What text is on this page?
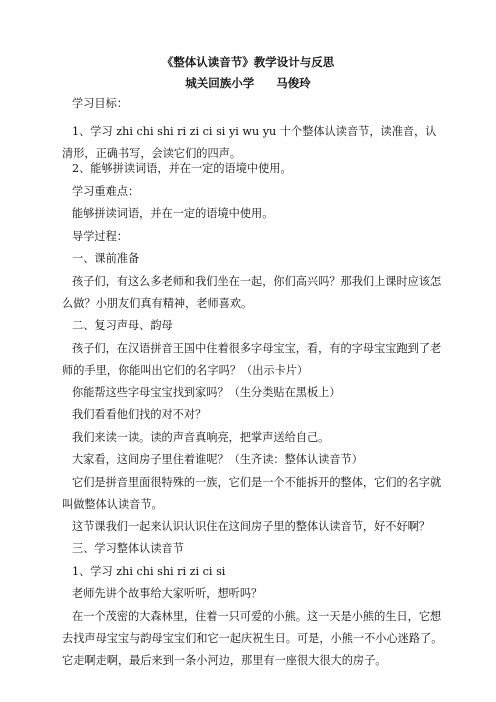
《整体认读音节》教学设计与反思
城关回族小学 马俊玲
学习目标：
1、学习 zhi chi shi ri zi ci si yi wu yu 十个整体认读音节，读准音，认清形，正确书写，会读它们的四声。
2、能够拼读词语，并在一定的语境中使用。
学习重难点：
能够拼读词语，并在一定的语境中使用。
导学过程：
一、课前准备
孩子们，有这么多老师和我们坐在一起，你们高兴吗？那我们上课时应该怎么做？小朋友们真有精神，老师喜欢。
二、复习声母、韵母
孩子们，在汉语拼音王国中住着很多字母宝宝，看，有的字母宝宝跑到了老师的手里，你能叫出它们的名字吗？（出示卡片）
你能帮这些字母宝宝找到家吗？（生分类贴在黑板上）
我们看看他们找的对不对？
我们来读一读。读的声音真响亮，把掌声送给自己。
大家看，这间房子里住着谁呢？（生齐读：整体认读音节）
它们是拼音里面很特殊的一族，它们是一个不能拆开的整体，它们的名字就叫做整体认读音节。
这节课我们一起来认识认识住在这间房子里的整体认读音节，好不好啊？
三、学习整体认读音节
1、学习 zhi chi shi ri zi ci si
老师先讲个故事给大家听听，想听吗？
在一个茂密的大森林里，住着一只可爱的小熊。这一天是小熊的生日，它想去找声母宝宝与韵母宝宝们和它一起庆祝生日。可是，小熊一不小心迷路了。它走啊走啊，最后来到一条小河边，那里有一座很大很大的房子。
